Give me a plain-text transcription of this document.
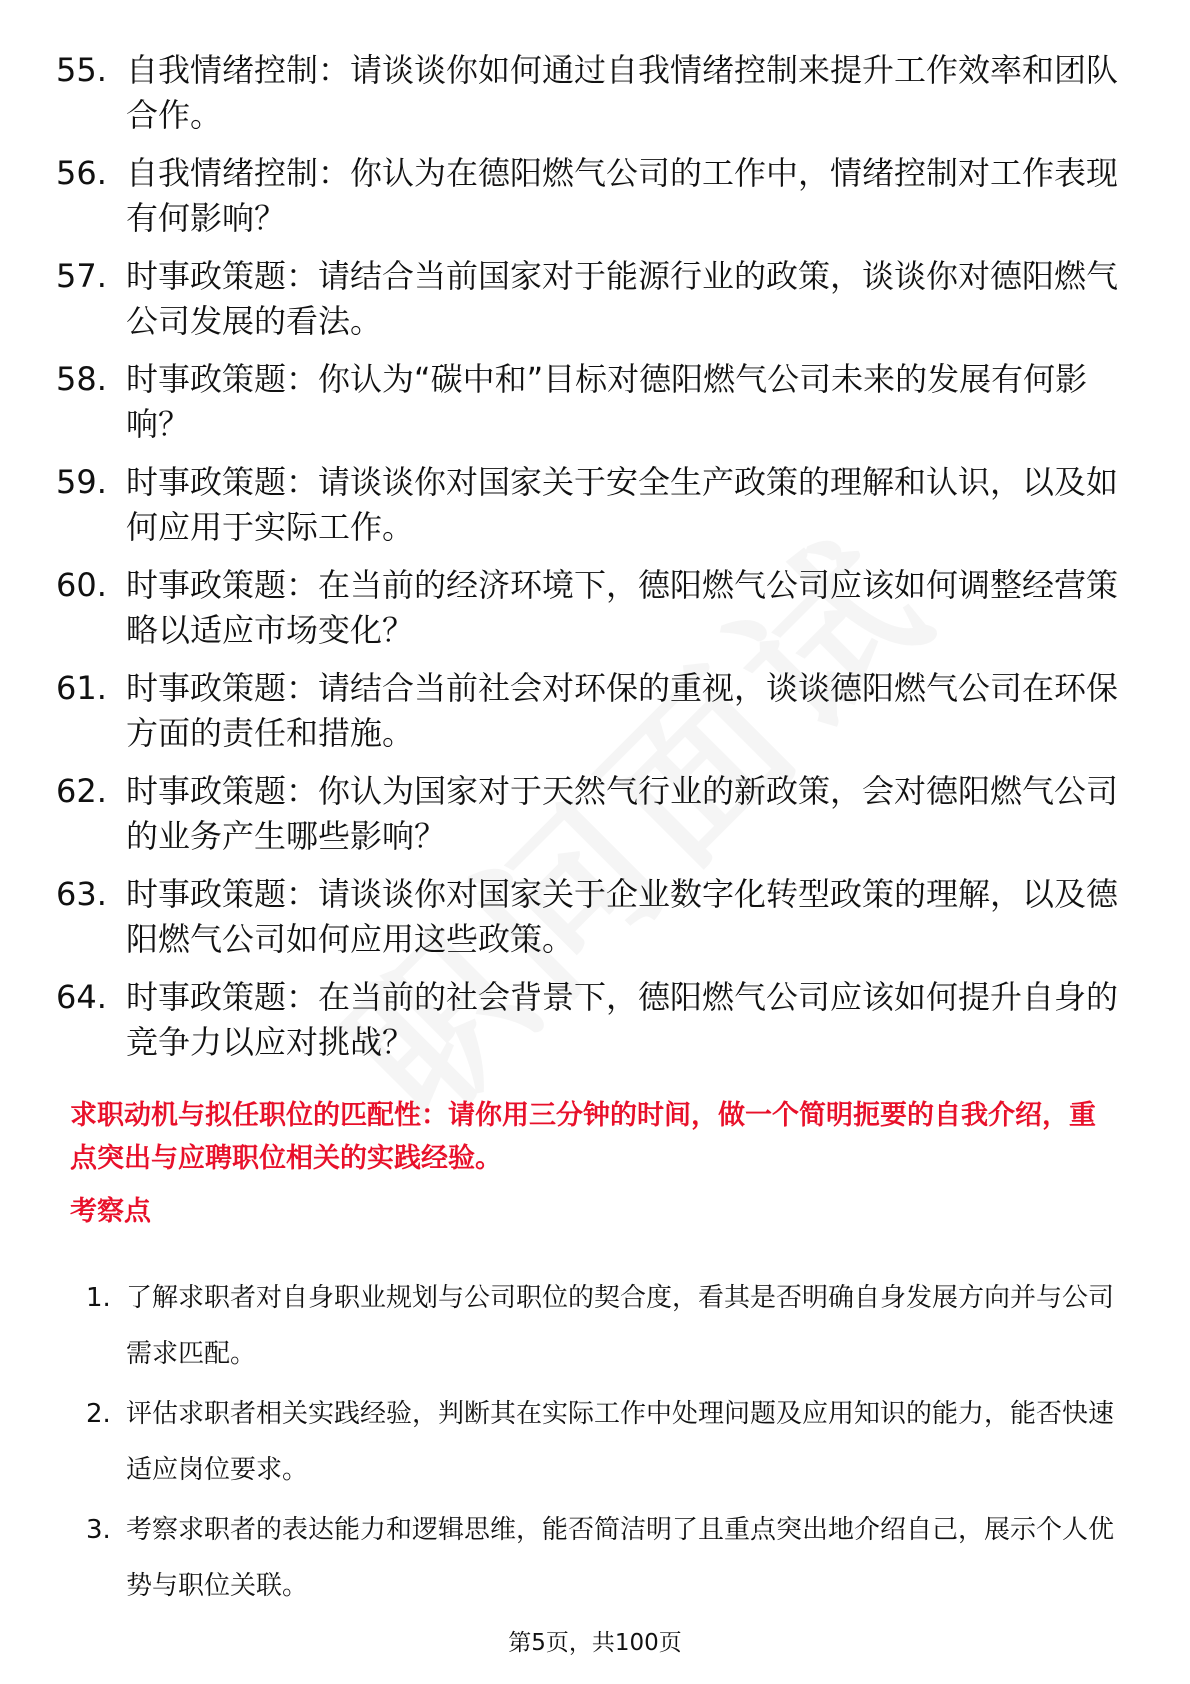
55. 自我情绪控制：请谈谈你如何通过自我情绪控制来提升工作效率和团队合作。
56. 自我情绪控制：你认为在德阳燃气公司的工作中，情绪控制对工作表现有何影响？
57. 时事政策题：请结合当前国家对于能源行业的政策，谈谈你对德阳燃气公司发展的看法。
58. 时事政策题：你认为“碳中和”目标对德阳燃气公司未来的发展有何影响？
59. 时事政策题：请谈谈你对国家关于安全生产政策的理解和认识，以及如何应用于实际工作。
60. 时事政策题：在当前的经济环境下，德阳燃气公司应该如何调整经营策略以适应市场变化？
61. 时事政策题：请结合当前社会对环保的重视，谈谈德阳燃气公司在环保方面的责任和措施。
62. 时事政策题：你认为国家对于天然气行业的新政策，会对德阳燃气公司的业务产生哪些影响？
63. 时事政策题：请谈谈你对国家关于企业数字化转型政策的理解，以及德阳燃气公司如何应用这些政策。
64. 时事政策题：在当前的社会背景下，德阳燃气公司应该如何提升自身的竞争力以应对挑战？
求职动机与拟任职位的匹配性：请你用三分钟的时间，做一个简明扼要的自我介绍，重点突出与应聘职位相关的实践经验。
考察点
1. 了解求职者对自身职业规划与公司职位的契合度，看其是否明确自身发展方向并与公司需求匹配。
2. 评估求职者相关实践经验，判断其在实际工作中处理问题及应用知识的能力，能否快速适应岗位要求。
3. 考察求职者的表达能力和逻辑思维，能否简洁明了且重点突出地介绍自己，展示个人优势与职位关联。
第5页，共100页
